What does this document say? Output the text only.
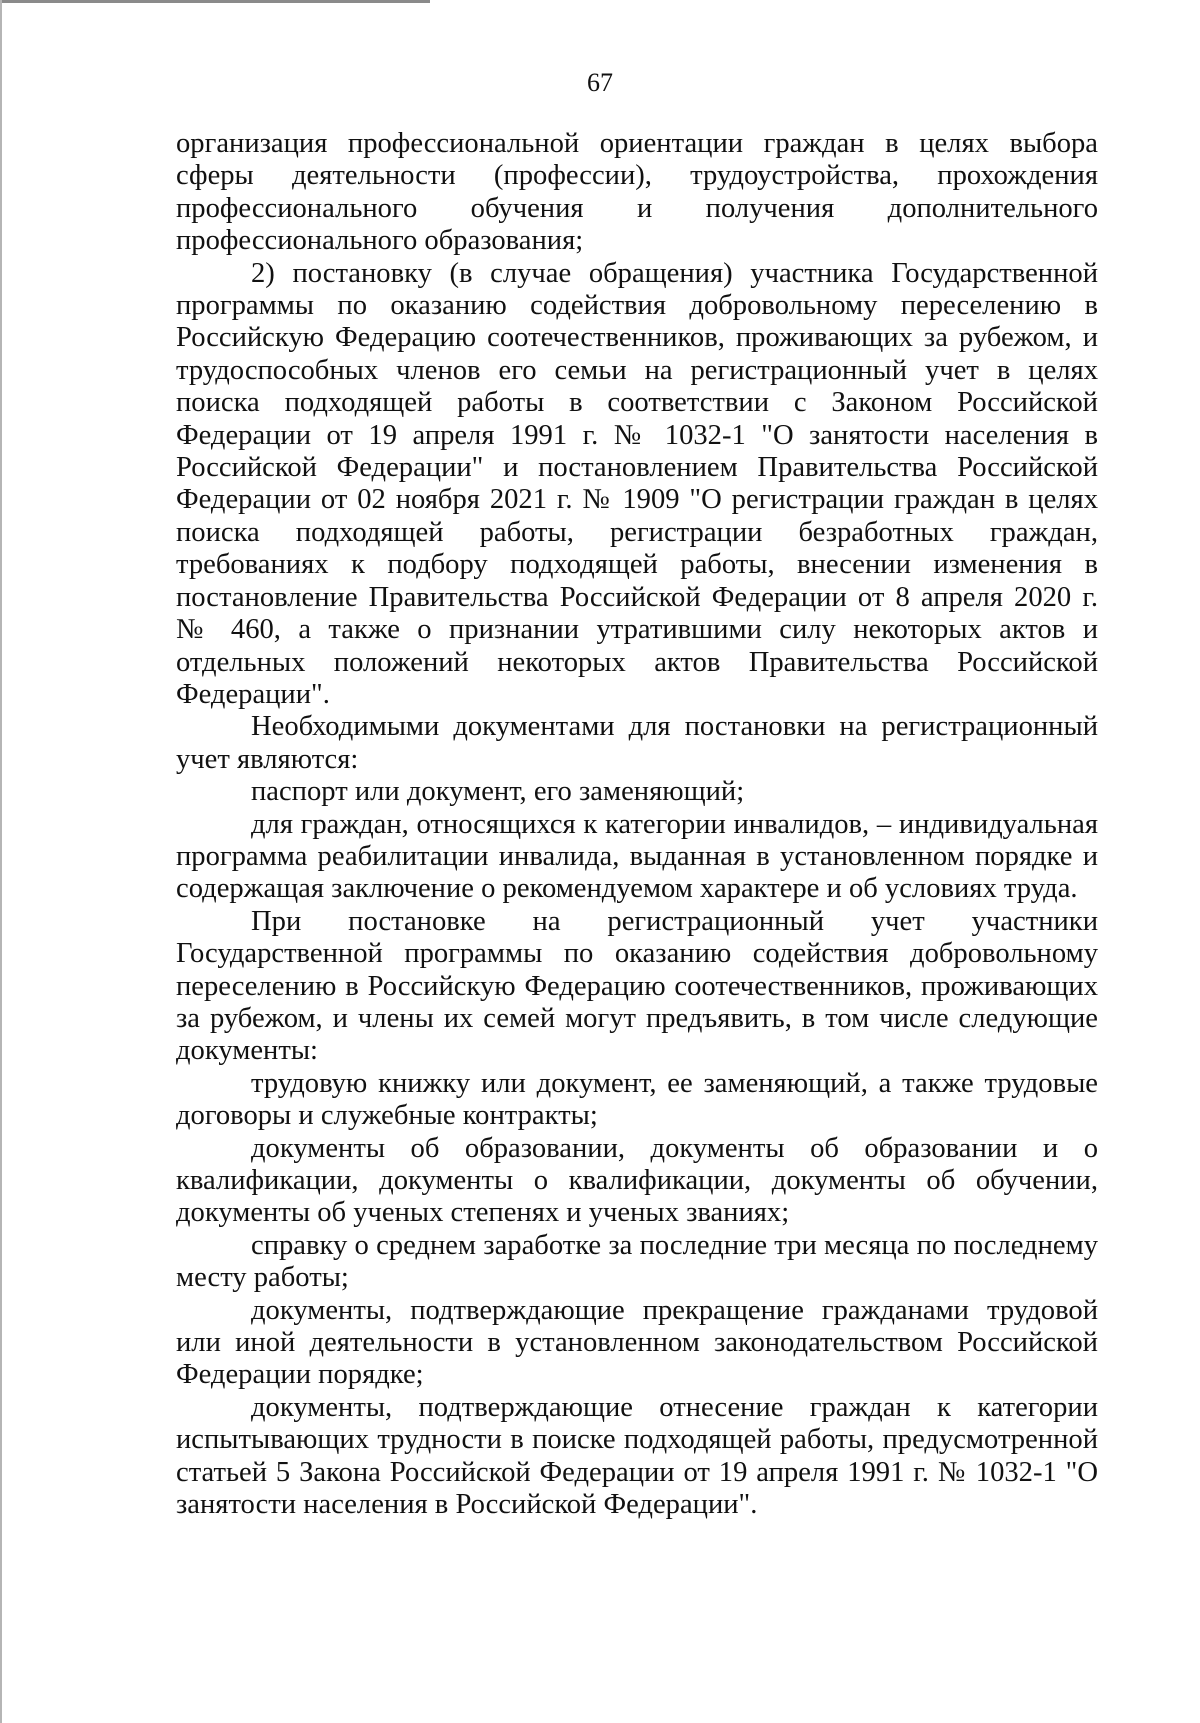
67

организация профессиональной ориентации граждан в целях выбора сферы деятельности (профессии), трудоустройства, прохождения профессионального обучения и получения дополнительного профессионального образования;

2) постановку (в случае обращения) участника Государственной программы по оказанию содействия добровольному переселению в Российскую Федерацию соотечественников, проживающих за рубежом, и трудоспособных членов его семьи на регистрационный учет в целях поиска подходящей работы в соответствии с Законом Российской Федерации от 19 апреля 1991 г. № 1032-1 "О занятости населения в Российской Федерации" и постановлением Правительства Российской Федерации от 02 ноября 2021 г. № 1909 "О регистрации граждан в целях поиска подходящей работы, регистрации безработных граждан, требованиях к подбору подходящей работы, внесении изменения в постановление Правительства Российской Федерации от 8 апреля 2020 г. № 460, а также о признании утратившими силу некоторых актов и отдельных положений некоторых актов Правительства Российской Федерации".

Необходимыми документами для постановки на регистрационный учет являются:

паспорт или документ, его заменяющий;

для граждан, относящихся к категории инвалидов, – индивидуальная программа реабилитации инвалида, выданная в установленном порядке и содержащая заключение о рекомендуемом характере и об условиях труда.

При постановке на регистрационный учет участники Государственной программы по оказанию содействия добровольному переселению в Российскую Федерацию соотечественников, проживающих за рубежом, и члены их семей могут предъявить, в том числе следующие документы:

трудовую книжку или документ, ее заменяющий, а также трудовые договоры и служебные контракты;

документы об образовании, документы об образовании и о квалификации, документы о квалификации, документы об обучении, документы об ученых степенях и ученых званиях;

справку о среднем заработке за последние три месяца по последнему месту работы;

документы, подтверждающие прекращение гражданами трудовой или иной деятельности в установленном законодательством Российской Федерации порядке;

документы, подтверждающие отнесение граждан к категории испытывающих трудности в поиске подходящей работы, предусмотренной статьей 5 Закона Российской Федерации от 19 апреля 1991 г. № 1032-1 "О занятости населения в Российской Федерации".
